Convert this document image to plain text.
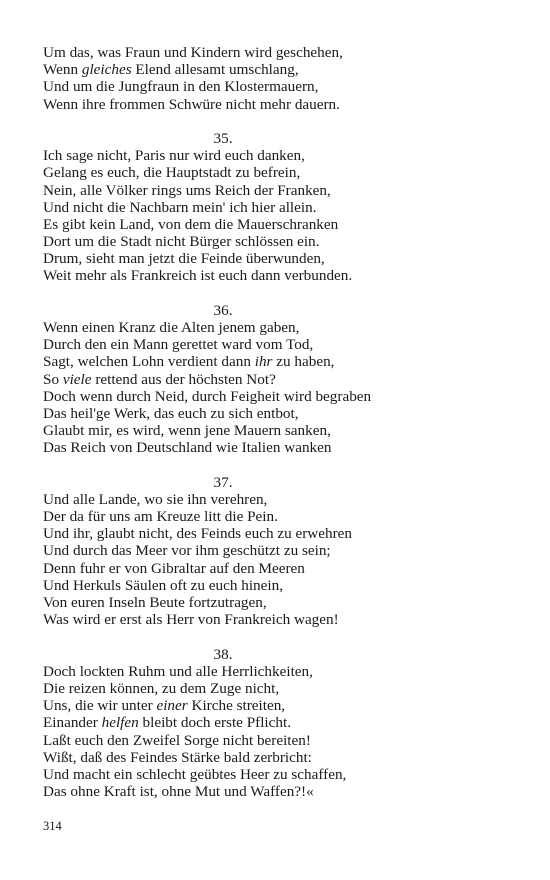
Um das, was Fraun und Kindern wird geschehen,
Wenn gleiches Elend allesamt umschlang,
Und um die Jungfraun in den Klostermauern,
Wenn ihre frommen Schwüre nicht mehr dauern.
35.
Ich sage nicht, Paris nur wird euch danken,
Gelang es euch, die Hauptstadt zu befrein,
Nein, alle Völker rings ums Reich der Franken,
Und nicht die Nachbarn mein' ich hier allein.
Es gibt kein Land, von dem die Mauerschranken
Dort um die Stadt nicht Bürger schlössen ein.
Drum, sieht man jetzt die Feinde überwunden,
Weit mehr als Frankreich ist euch dann verbunden.
36.
Wenn einen Kranz die Alten jenem gaben,
Durch den ein Mann gerettet ward vom Tod,
Sagt, welchen Lohn verdient dann ihr zu haben,
So viele rettend aus der höchsten Not?
Doch wenn durch Neid, durch Feigheit wird begraben
Das heil'ge Werk, das euch zu sich entbot,
Glaubt mir, es wird, wenn jene Mauern sanken,
Das Reich von Deutschland wie Italien wanken
37.
Und alle Lande, wo sie ihn verehren,
Der da für uns am Kreuze litt die Pein.
Und ihr, glaubt nicht, des Feinds euch zu erwehren
Und durch das Meer vor ihm geschützt zu sein;
Denn fuhr er von Gibraltar auf den Meeren
Und Herkuls Säulen oft zu euch hinein,
Von euren Inseln Beute fortzutragen,
Was wird er erst als Herr von Frankreich wagen!
38.
Doch lockten Ruhm und alle Herrlichkeiten,
Die reizen können, zu dem Zuge nicht,
Uns, die wir unter einer Kirche streiten,
Einander helfen bleibt doch erste Pflicht.
Laßt euch den Zweifel Sorge nicht bereiten!
Wißt, daß des Feindes Stärke bald zerbricht:
Und macht ein schlecht geübtes Heer zu schaffen,
Das ohne Kraft ist, ohne Mut und Waffen?!«
314
